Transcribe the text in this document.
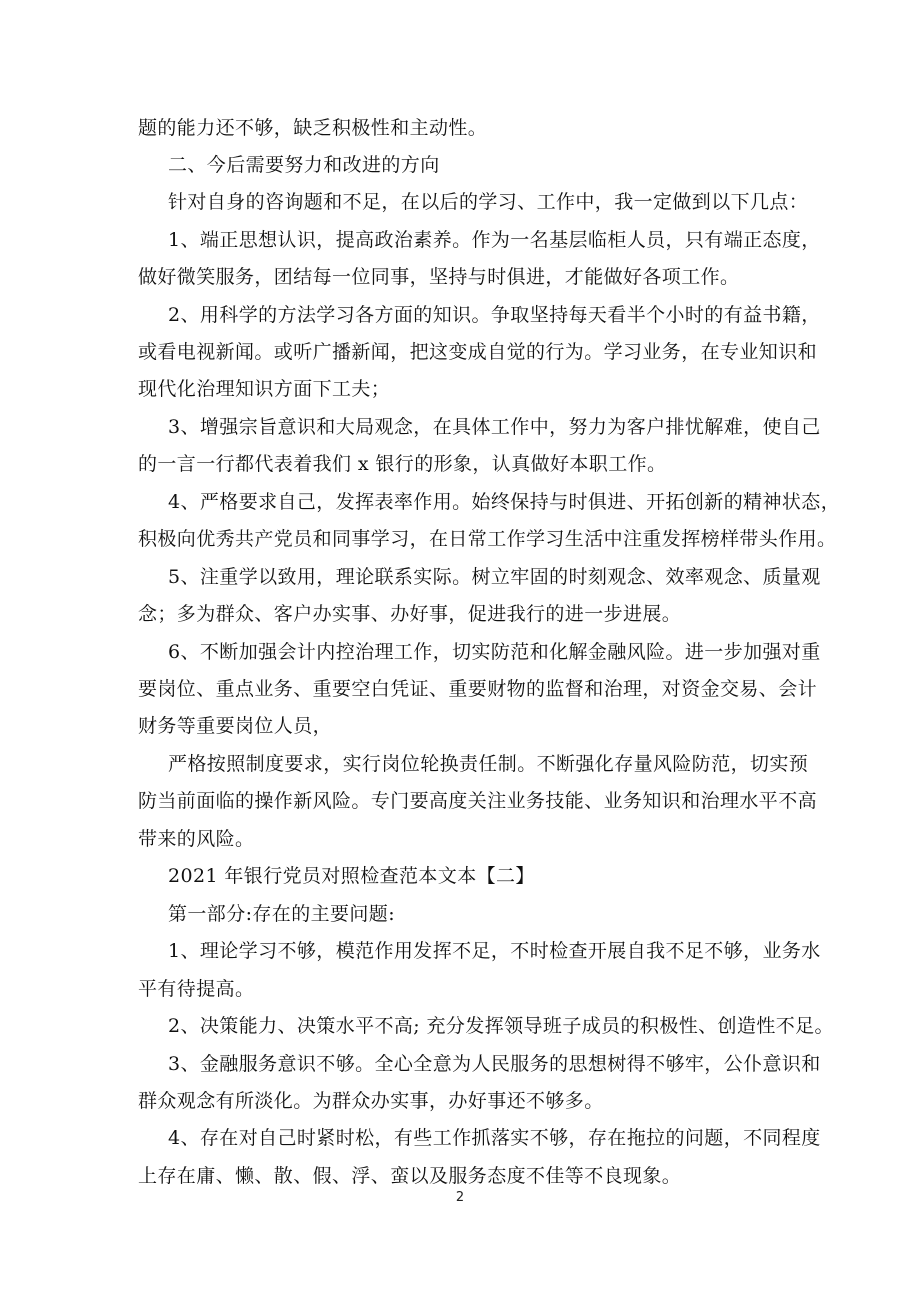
题的能力还不够，缺乏积极性和主动性。
二、今后需要努力和改进的方向
针对自身的咨询题和不足，在以后的学习、工作中，我一定做到以下几点：
1、端正思想认识，提高政治素养。作为一名基层临柜人员，只有端正态度，
做好微笑服务，团结每一位同事，坚持与时俱进，才能做好各项工作。
2、用科学的方法学习各方面的知识。争取坚持每天看半个小时的有益书籍，
或看电视新闻。或听广播新闻，把这变成自觉的行为。学习业务，在专业知识和
现代化治理知识方面下工夫；
3、增强宗旨意识和大局观念，在具体工作中，努力为客户排忧解难，使自己
的一言一行都代表着我们 x 银行的形象，认真做好本职工作。
4、严格要求自己，发挥表率作用。始终保持与时俱进、开拓创新的精神状态，
积极向优秀共产党员和同事学习，在日常工作学习生活中注重发挥榜样带头作用。
5、注重学以致用，理论联系实际。树立牢固的时刻观念、效率观念、质量观
念；多为群众、客户办实事、办好事，促进我行的进一步进展。
6、不断加强会计内控治理工作，切实防范和化解金融风险。进一步加强对重
要岗位、重点业务、重要空白凭证、重要财物的监督和治理，对资金交易、会计
财务等重要岗位人员，
严格按照制度要求，实行岗位轮换责任制。不断强化存量风险防范，切实预
防当前面临的操作新风险。专门要高度关注业务技能、业务知识和治理水平不高
带来的风险。
2021 年银行党员对照检查范本文本【二】
第一部分:存在的主要问题:
1、理论学习不够，模范作用发挥不足，不时检查开展自我不足不够，业务水
平有待提高。
2、决策能力、决策水平不高; 充分发挥领导班子成员的积极性、创造性不足。
3、金融服务意识不够。全心全意为人民服务的思想树得不够牢，公仆意识和
群众观念有所淡化。为群众办实事，办好事还不够多。
4、存在对自己时紧时松，有些工作抓落实不够，存在拖拉的问题，不同程度
上存在庸、懒、散、假、浮、蛮以及服务态度不佳等不良现象。
2
